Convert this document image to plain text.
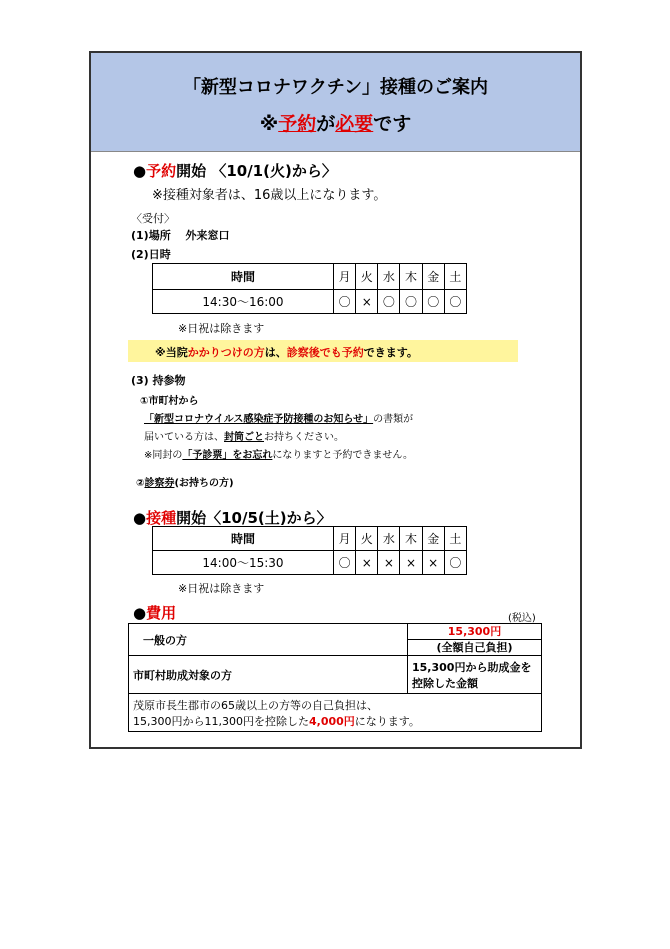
「新型コロナワクチン」接種のご案内
※予約が必要です
●予約開始 〈10/1(火)から〉
※接種対象者は、16歳以上になります。
〈受付〉
(1)場所　 外来窓口
(2)日時
時間	月	火	水	木	金	土
14:30〜16:00	〇	×	〇	〇	〇	〇
※日祝は除きます
※当院かかりつけの方は、診察後でも予約できます。
(3) 持参物
①市町村から
「新型コロナウイルス感染症予防接種のお知らせ」の書類が
届いている方は、封筒ごとお持ちください。
※同封の「予診票」をお忘れになりますと予約できません。
②診察券(お持ちの方)
●接種開始〈10/5(土)から〉
時間	月	火	水	木	金	土
14:00〜15:30	〇	×	×	×	×	〇
※日祝は除きます
●費用	(税込)
一般の方	15,300円
(全額自己負担)

市町村助成対象の方	15,300円から助成金を
控除した金額

茂原市長生郡市の65歳以上の方等の自己負担は、
15,300円から11,300円を控除した4,000円になります。	
